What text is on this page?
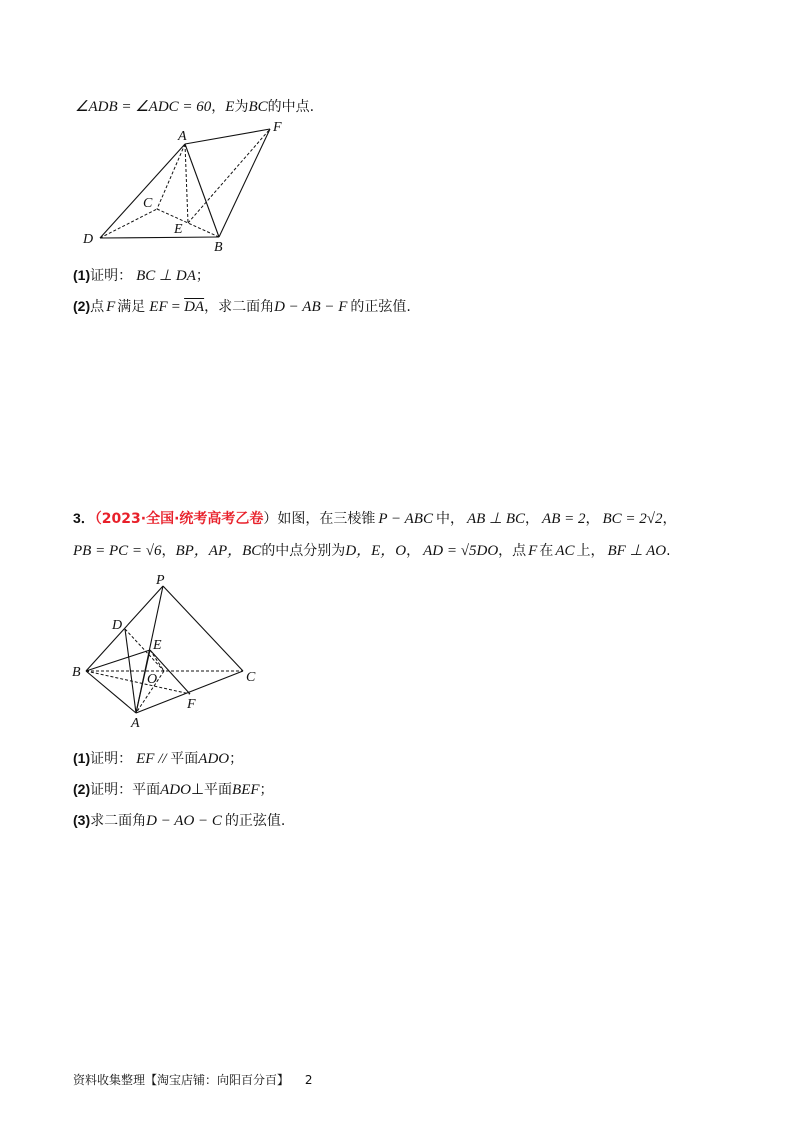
∠ADB = ∠ADC = 60，E为BC的中点.
A
F
C
E
D
B
(1)证明： BC ⊥ DA；
(2)点 F 满足 EF = $\overline{DA}$，求二面角D − AB − F 的正弦值.
3．（2023·全国·统考高考乙卷）如图，在三棱锥 P − ABC 中， AB ⊥ BC， AB = 2， BC = 2√2，
PB = PC = √6，BP，AP，BC的中点分别为D，E，O， AD = √5DO，点 F 在 AC 上， BF ⊥ AO.
P
D
E
B	O	C
F
A
(1)证明： EF // 平面ADO；
(2)证明：平面ADO⊥平面BEF；
(3)求二面角D − AO − C 的正弦值.
资料收集整理【淘宝店铺：向阳百分百】 2
